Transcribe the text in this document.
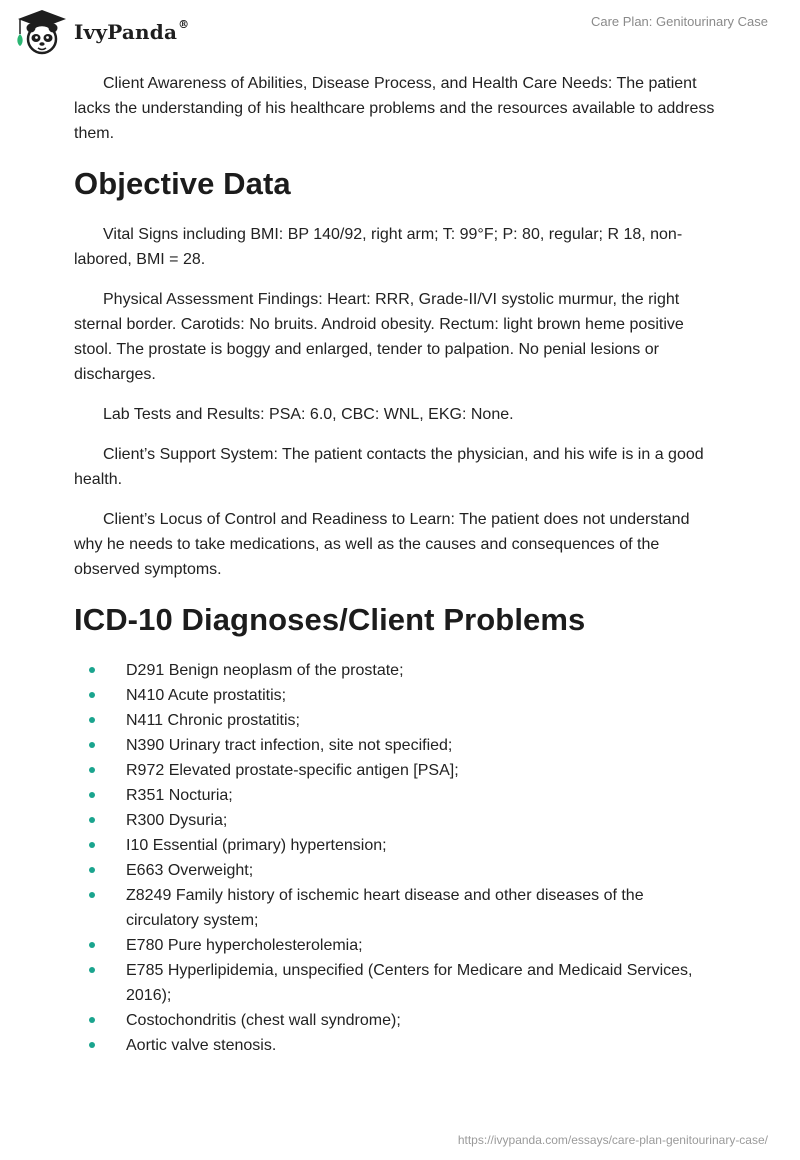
IvyPanda®	Care Plan: Genitourinary Case

Client Awareness of Abilities, Disease Process, and Health Care Needs: The patient lacks the understanding of his healthcare problems and the resources available to address them.

Objective Data

Vital Signs including BMI: BP 140/92, right arm; T: 99°F; P: 80, regular; R 18, non-labored, BMI = 28.

Physical Assessment Findings: Heart: RRR, Grade-II/VI systolic murmur, the right sternal border. Carotids: No bruits. Android obesity. Rectum: light brown heme positive stool. The prostate is boggy and enlarged, tender to palpation. No penial lesions or discharges.

Lab Tests and Results: PSA: 6.0, CBC: WNL, EKG: None.

Client’s Support System: The patient contacts the physician, and his wife is in a good health.

Client’s Locus of Control and Readiness to Learn: The patient does not understand why he needs to take medications, as well as the causes and consequences of the observed symptoms.

ICD-10 Diagnoses/Client Problems
D291 Benign neoplasm of the prostate;
N410 Acute prostatitis;
N411 Chronic prostatitis;
N390 Urinary tract infection, site not specified;
R972 Elevated prostate-specific antigen [PSA];
R351 Nocturia;
R300 Dysuria;
I10 Essential (primary) hypertension;
E663 Overweight;
Z8249 Family history of ischemic heart disease and other diseases of the circulatory system;
E780 Pure hypercholesterolemia;
E785 Hyperlipidemia, unspecified (Centers for Medicare and Medicaid Services, 2016);
Costochondritis (chest wall syndrome);
Aortic valve stenosis.
https://ivypanda.com/essays/care-plan-genitourinary-case/
